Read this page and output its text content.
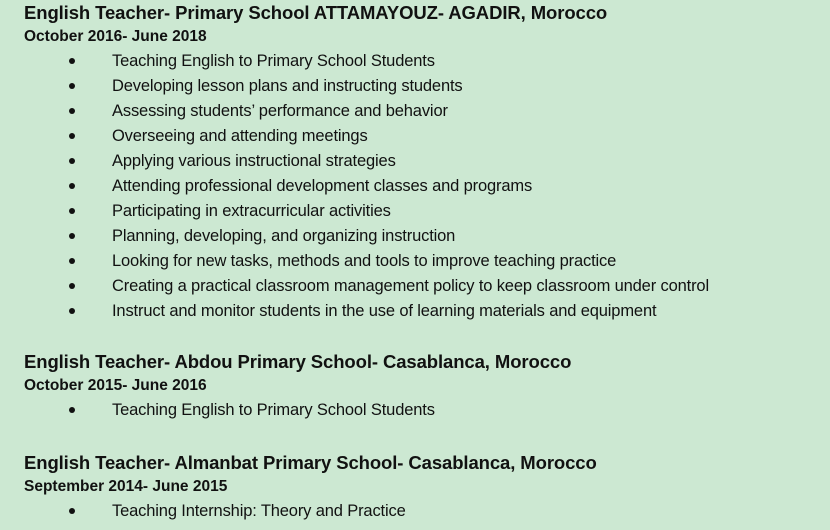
English Teacher- Primary School ATTAMAYOUZ- AGADIR, Morocco
October 2016- June 2018
Teaching English to Primary School Students
Developing lesson plans and instructing students
Assessing students’ performance and behavior
Overseeing and attending meetings
Applying various instructional strategies
Attending professional development classes and programs
Participating in extracurricular activities
Planning, developing, and organizing instruction
Looking for new tasks, methods and tools to improve teaching practice
Creating a practical classroom management policy to keep classroom under control
Instruct and monitor students in the use of learning materials and equipment
English Teacher- Abdou Primary School- Casablanca, Morocco
October 2015- June 2016
Teaching English to Primary School Students
English Teacher- Almanbat Primary School- Casablanca, Morocco
September 2014- June 2015
Teaching Internship: Theory and Practice
